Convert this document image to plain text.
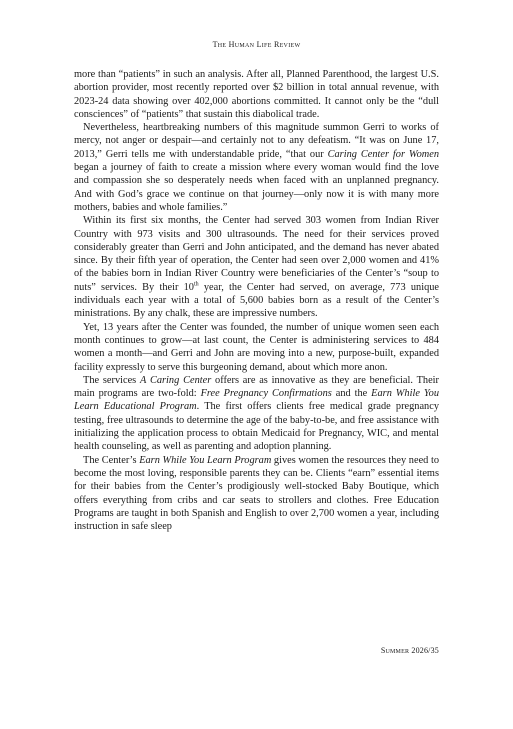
The Human Life Review

more than “patients” in such an analysis. After all, Planned Parenthood, the largest U.S. abortion provider, most recently reported over $2 billion in total annual revenue, with 2023-24 data showing over 402,000 abortions committed. It cannot only be the “dull consciences” of “patients” that sustain this diabolical trade.

Nevertheless, heartbreaking numbers of this magnitude summon Gerri to works of mercy, not anger or despair—and certainly not to any defeatism. “It was on June 17, 2013,” Gerri tells me with understandable pride, “that our Caring Center for Women began a journey of faith to create a mission where every woman would find the love and compassion she so desperately needs when faced with an unplanned pregnancy. And with God’s grace we continue on that journey—only now it is with many more mothers, babies and whole families.”

Within its first six months, the Center had served 303 women from Indian River Country with 973 visits and 300 ultrasounds. The need for their services proved considerably greater than Gerri and John anticipated, and the demand has never abated since. By their fifth year of operation, the Center had seen over 2,000 women and 41% of the babies born in Indian River Country were beneficiaries of the Center’s “soup to nuts” services. By their 10th year, the Center had served, on average, 773 unique individuals each year with a total of 5,600 babies born as a result of the Center’s ministrations. By any chalk, these are impressive numbers.

Yet, 13 years after the Center was founded, the number of unique women seen each month continues to grow—at last count, the Center is administering services to 484 women a month—and Gerri and John are moving into a new, purpose-built, expanded facility expressly to serve this burgeoning demand, about which more anon.

The services A Caring Center offers are as innovative as they are beneficial. Their main programs are two-fold: Free Pregnancy Confirmations and the Earn While You Learn Educational Program. The first offers clients free medical grade pregnancy testing, free ultrasounds to determine the age of the baby-to-be, and free assistance with initializing the application process to obtain Medicaid for Pregnancy, WIC, and mental health counseling, as well as parenting and adoption planning.

The Center’s Earn While You Learn Program gives women the resources they need to become the most loving, responsible parents they can be. Clients “earn” essential items for their babies from the Center’s prodigiously well-stocked Baby Boutique, which offers everything from cribs and car seats to strollers and clothes. Free Education Programs are taught in both Spanish and English to over 2,700 women a year, including instruction in safe sleep

Summer 2026/35
